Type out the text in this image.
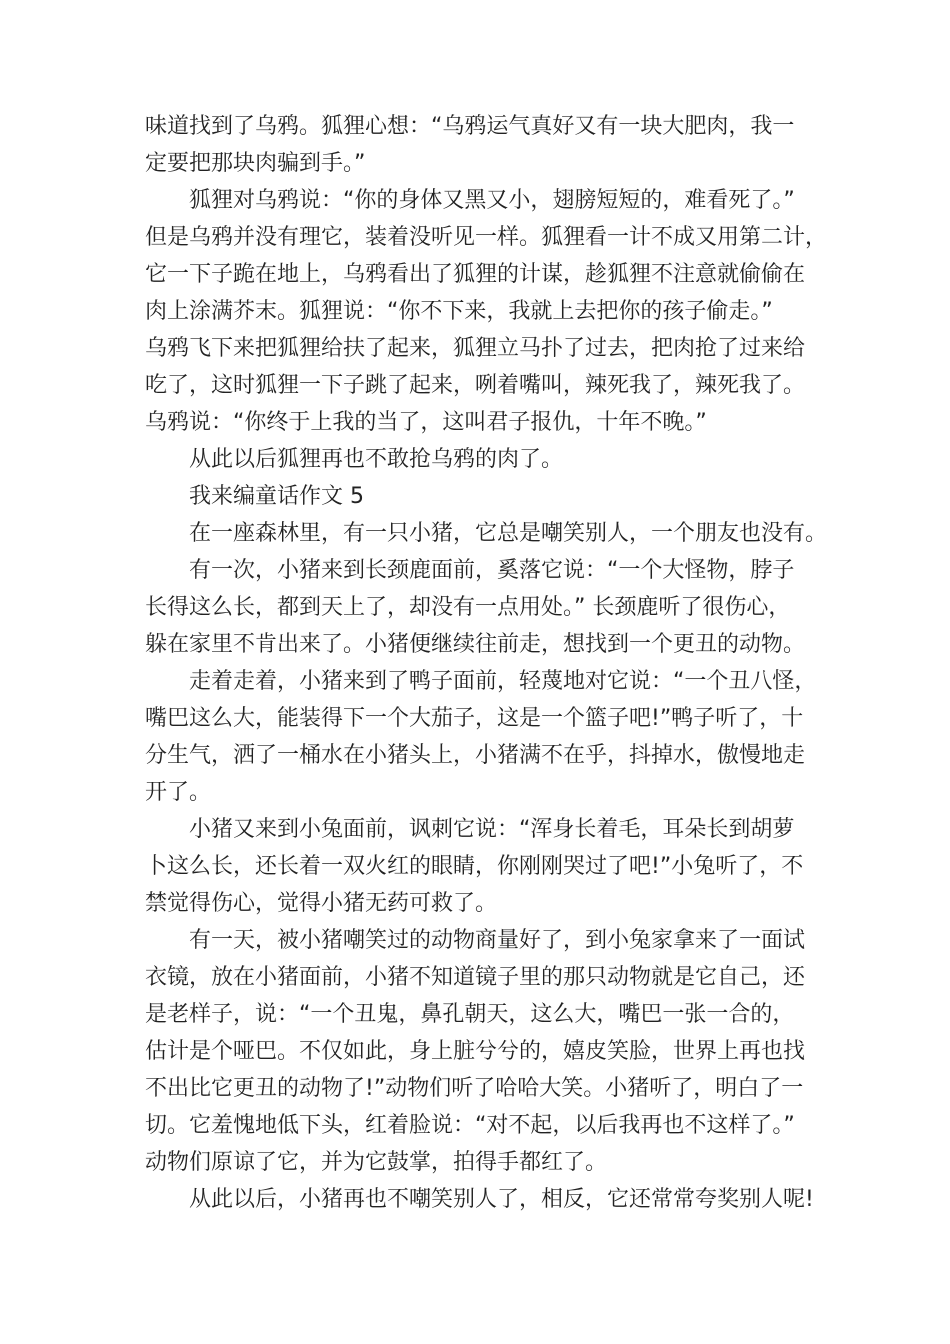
味道找到了乌鸦。狐狸心想：“乌鸦运气真好又有一块大肥肉，我一
定要把那块肉骗到手。”
狐狸对乌鸦说：“你的身体又黑又小，翅膀短短的，难看死了。”
但是乌鸦并没有理它，装着没听见一样。狐狸看一计不成又用第二计，
它一下子跪在地上，乌鸦看出了狐狸的计谋，趁狐狸不注意就偷偷在
肉上涂满芥末。狐狸说：“你不下来，我就上去把你的孩子偷走。”
乌鸦飞下来把狐狸给扶了起来，狐狸立马扑了过去，把肉抢了过来给
吃了，这时狐狸一下子跳了起来，咧着嘴叫，辣死我了，辣死我了。
乌鸦说：“你终于上我的当了，这叫君子报仇，十年不晚。”
从此以后狐狸再也不敢抢乌鸦的肉了。
我来编童话作文 5
在一座森林里，有一只小猪，它总是嘲笑别人，一个朋友也没有。
有一次，小猪来到长颈鹿面前，奚落它说：“一个大怪物，脖子
长得这么长，都到天上了，却没有一点用处。” 长颈鹿听了很伤心，
躲在家里不肯出来了。小猪便继续往前走，想找到一个更丑的动物。
走着走着，小猪来到了鸭子面前，轻蔑地对它说：“一个丑八怪，
嘴巴这么大，能装得下一个大茄子，这是一个篮子吧!”鸭子听了，十
分生气，洒了一桶水在小猪头上，小猪满不在乎，抖掉水，傲慢地走
开了。
小猪又来到小兔面前，讽刺它说：“浑身长着毛，耳朵长到胡萝
卜这么长，还长着一双火红的眼睛，你刚刚哭过了吧!”小兔听了，不
禁觉得伤心，觉得小猪无药可救了。
有一天，被小猪嘲笑过的动物商量好了，到小兔家拿来了一面试
衣镜，放在小猪面前，小猪不知道镜子里的那只动物就是它自己，还
是老样子，说：“一个丑鬼，鼻孔朝天，这么大，嘴巴一张一合的，
估计是个哑巴。不仅如此，身上脏兮兮的，嬉皮笑脸，世界上再也找
不出比它更丑的动物了!”动物们听了哈哈大笑。小猪听了，明白了一
切。它羞愧地低下头，红着脸说：“对不起，以后我再也不这样了。”
动物们原谅了它，并为它鼓掌，拍得手都红了。
从此以后，小猪再也不嘲笑别人了，相反，它还常常夸奖别人呢!
